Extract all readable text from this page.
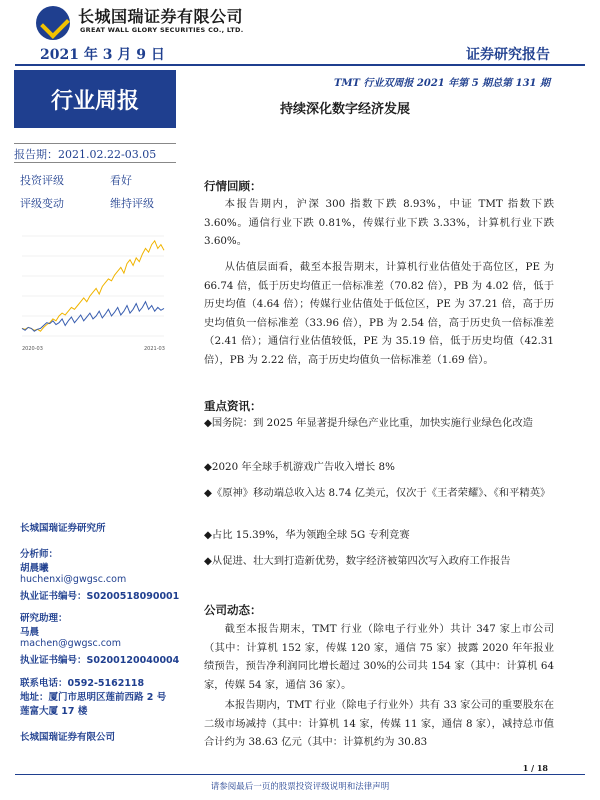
长城国瑞证券有限公司
GREAT WALL GLORY SECURITIES CO., LTD.
2021 年 3 月 9 日	证券研究报告
行业周报
TMT 行业双周报 2021 年第 5 期总第 131 期
持续深化数字经济发展
报告期：2021.02.22-03.05
投资评级	看好
评级变动	维持评级
2020-03	2021-03
长城国瑞证券研究所
分析师：
胡晨曦
huchenxi@gwgsc.com
执业证书编号：S0200518090001
研究助理：
马晨
machen@gwgsc.com
执业证书编号：S0200120040004
联系电话：0592-5162118
地址：厦门市思明区莲前西路 2 号
莲富大厦 17 楼
长城国瑞证券有限公司
行情回顾：
本报告期内，沪深 300 指数下跌 8.93%，中证 TMT 指数下跌 3.60%。通信行业下跌 0.81%，传媒行业下跌 3.33%，计算机行业下跌 3.60%。
从估值层面看，截至本报告期末，计算机行业估值处于高位区，PE 为 66.74 倍，低于历史均值正一倍标准差（70.82 倍），PB 为 4.02 倍，低于历史均值（4.64 倍）；传媒行业估值处于低位区，PE 为 37.21 倍，高于历史均值负一倍标准差（33.96 倍），PB 为 2.54 倍，高于历史负一倍标准差（2.41 倍）；通信行业估值较低，PE 为 35.19 倍，低于历史均值（42.31 倍），PB 为 2.22 倍，高于历史均值负一倍标准差（1.69 倍）。
重点资讯：
◆国务院：到 2025 年显著提升绿色产业比重，加快实施行业绿色化改造
◆2020 年全球手机游戏广告收入增长 8%
◆《原神》移动端总收入达 8.74 亿美元，仅次于《王者荣耀》、《和平精英》
◆占比 15.39%，华为领跑全球 5G 专利竞赛
◆从促进、壮大到打造新优势，数字经济被第四次写入政府工作报告
公司动态：
截至本报告期末，TMT 行业（除电子行业外）共计 347 家上市公司（其中：计算机 152 家，传媒 120 家，通信 75 家）披露 2020 年年报业绩预告，预告净利润同比增长超过 30%的公司共 154 家（其中：计算机 64 家，传媒 54 家，通信 36 家）。
本报告期内，TMT 行业（除电子行业外）共有 33 家公司的重要股东在二级市场减持（其中：计算机 14 家，传媒 11 家，通信 8 家），减持总市值合计约为 38.63 亿元（其中：计算机约为 30.83
1 / 18
请参阅最后一页的股票投资评级说明和法律声明
